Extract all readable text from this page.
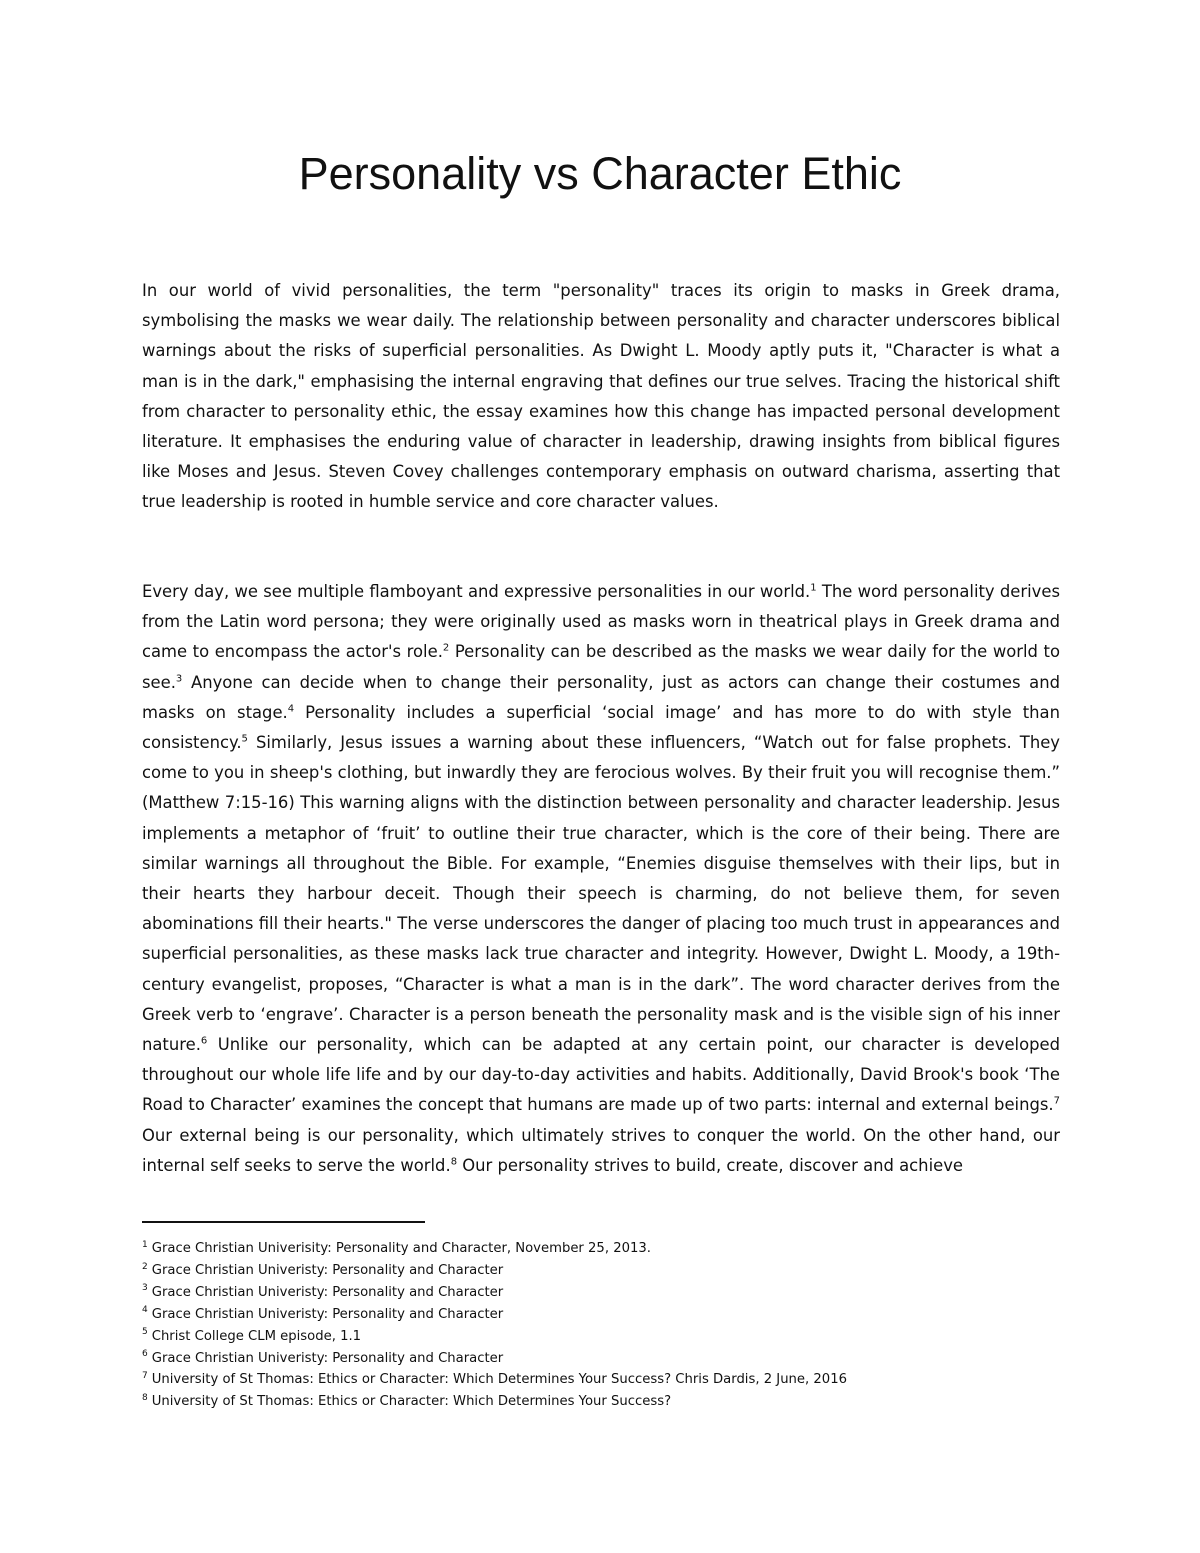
Personality vs Character Ethic

In our world of vivid personalities, the term "personality" traces its origin to masks in Greek drama, symbolising the masks we wear daily. The relationship between personality and character underscores biblical warnings about the risks of superficial personalities. As Dwight L. Moody aptly puts it, "Character is what a man is in the dark," emphasising the internal engraving that defines our true selves. Tracing the historical shift from character to personality ethic, the essay examines how this change has impacted personal development literature. It emphasises the enduring value of character in leadership, drawing insights from biblical figures like Moses and Jesus. Steven Covey challenges contemporary emphasis on outward charisma, asserting that true leadership is rooted in humble service and core character values.

Every day, we see multiple flamboyant and expressive personalities in our world.$^1$ The word personality derives from the Latin word persona; they were originally used as masks worn in theatrical plays in Greek drama and came to encompass the actor's role.$^2$ Personality can be described as the masks we wear daily for the world to see.$^3$ Anyone can decide when to change their personality, just as actors can change their costumes and masks on stage.$^4$ Personality includes a superficial ‘social image’ and has more to do with style than consistency.$^5$ Similarly, Jesus issues a warning about these influencers, “Watch out for false prophets. They come to you in sheep's clothing, but inwardly they are ferocious wolves. By their fruit you will recognise them.” (Matthew 7:15-16) This warning aligns with the distinction between personality and character leadership. Jesus implements a metaphor of ‘fruit’ to outline their true character, which is the core of their being. There are similar warnings all throughout the Bible. For example, “Enemies disguise themselves with their lips, but in their hearts they harbour deceit. Though their speech is charming, do not believe them, for seven abominations fill their hearts." The verse underscores the danger of placing too much trust in appearances and superficial personalities, as these masks lack true character and integrity. However, Dwight L. Moody, a 19th-century evangelist, proposes, “Character is what a man is in the dark”. The word character derives from the Greek verb to ‘engrave’. Character is a person beneath the personality mask and is the visible sign of his inner nature.$^6$ Unlike our personality, which can be adapted at any certain point, our character is developed throughout our whole life life and by our day-to-day activities and habits. Additionally, David Brook's book ‘The Road to Character’ examines the concept that humans are made up of two parts: internal and external beings.$^7$ Our external being is our personality, which ultimately strives to conquer the world. On the other hand, our internal self seeks to serve the world.$^8$ Our personality strives to build, create, discover and achieve

$^1$ Grace Christian Univerisity: Personality and Character, November 25, 2013.
$^2$ Grace Christian Univeristy: Personality and Character
$^3$ Grace Christian Univeristy: Personality and Character
$^4$ Grace Christian Univeristy: Personality and Character
$^5$ Christ College CLM episode, 1.1
$^6$ Grace Christian Univeristy: Personality and Character
$^7$ University of St Thomas: Ethics or Character: Which Determines Your Success? Chris Dardis, 2 June, 2016
$^8$ University of St Thomas: Ethics or Character: Which Determines Your Success?
